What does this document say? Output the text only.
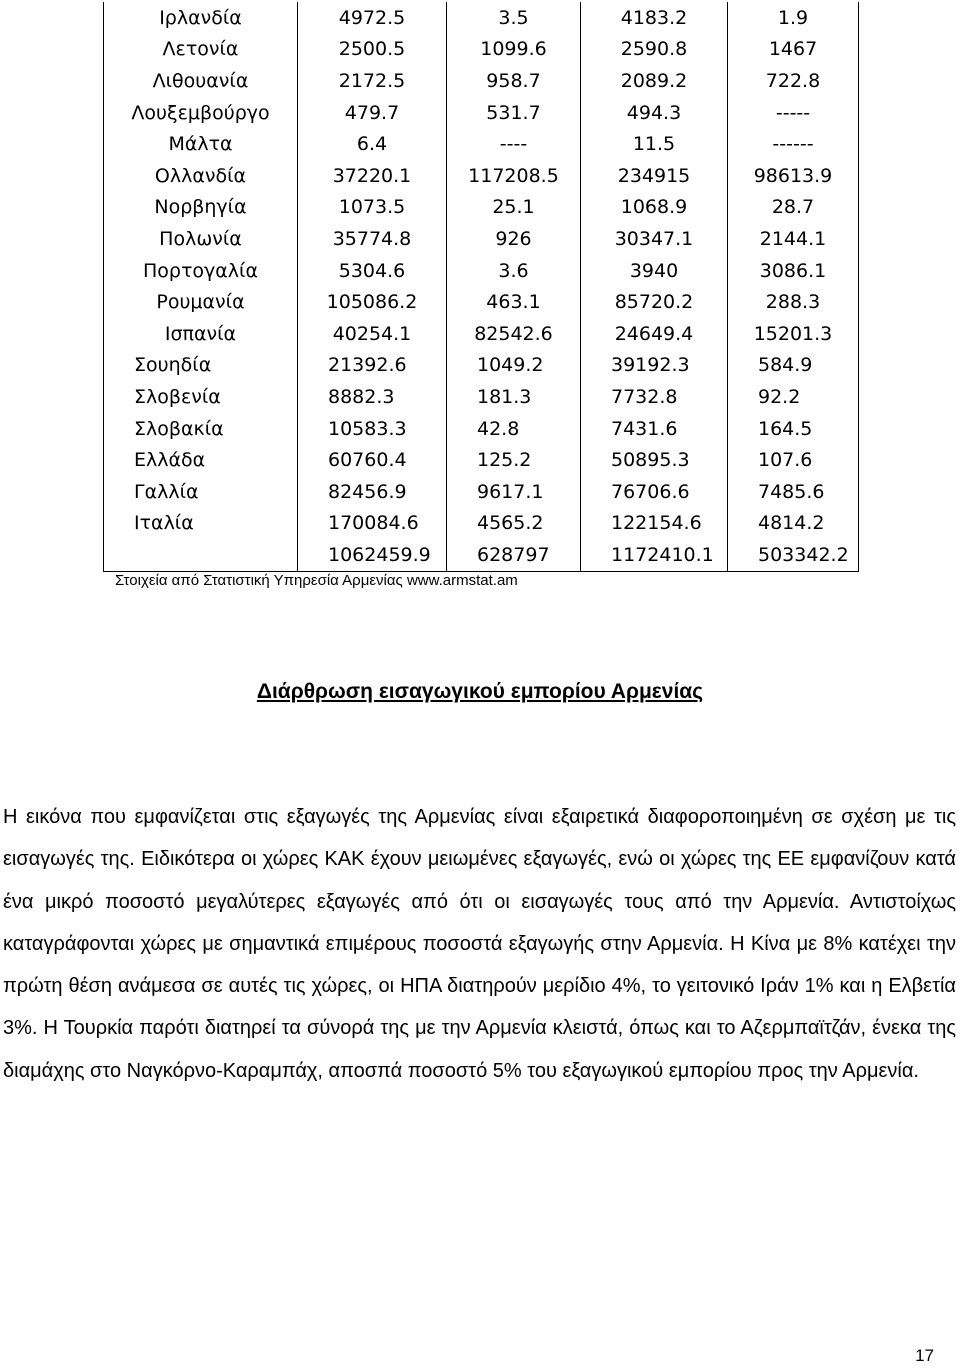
Ιρλανδία	4972.5	3.5	4183.2	1.9
Λετονία	2500.5	1099.6	2590.8	1467
Λιθουανία	2172.5	958.7	2089.2	722.8
Λουξεμβούργο	479.7	531.7	494.3	-----
Μάλτα	6.4	----	11.5	------
Ολλανδία	37220.1	117208.5	234915	98613.9
Νορβηγία	1073.5	25.1	1068.9	28.7
Πολωνία	35774.8	926	30347.1	2144.1
Πορτογαλία	5304.6	3.6	3940	3086.1
Ρουμανία	105086.2	463.1	85720.2	288.3
Ισπανία	40254.1	82542.6	24649.4	15201.3
Σουηδία	21392.6	1049.2	39192.3	584.9
Σλοβενία	8882.3	181.3	7732.8	92.2
Σλοβακία	10583.3	42.8	7431.6	164.5
Ελλάδα	60760.4	125.2	50895.3	107.6
Γαλλία	82456.9	9617.1	76706.6	7485.6
Ιταλία	170084.6	4565.2	122154.6	4814.2
	1062459.9	628797	1172410.1	503342.2
Στοιχεία από Στατιστική Υπηρεσία Αρμενίας www.armstat.am
Διάρθρωση εισαγωγικού εμπορίου Αρμενίας

Η εικόνα που εμφανίζεται στις εξαγωγές της Αρμενίας είναι εξαιρετικά διαφοροποιημένη σε σχέση με τις εισαγωγές της. Ειδικότερα οι χώρες ΚΑΚ έχουν μειωμένες εξαγωγές, ενώ οι χώρες της ΕΕ εμφανίζουν κατά ένα μικρό ποσοστό μεγαλύτερες εξαγωγές από ότι οι εισαγωγές τους από την Αρμενία. Αντιστοίχως καταγράφονται χώρες με σημαντικά επιμέρους ποσοστά εξαγωγής στην Αρμενία. Η Κίνα με 8% κατέχει την πρώτη θέση ανάμεσα σε αυτές τις χώρες, οι ΗΠΑ διατηρούν μερίδιο 4%, το γειτονικό Ιράν 1% και η Ελβετία 3%. Η Τουρκία παρότι διατηρεί τα σύνορά της με την Αρμενία κλειστά, όπως και το Αζερμπαϊτζάν, ένεκα της διαμάχης στο Ναγκόρνο-Καραμπάχ, αποσπά ποσοστό 5% του εξαγωγικού εμπορίου προς την Αρμενία.

17
